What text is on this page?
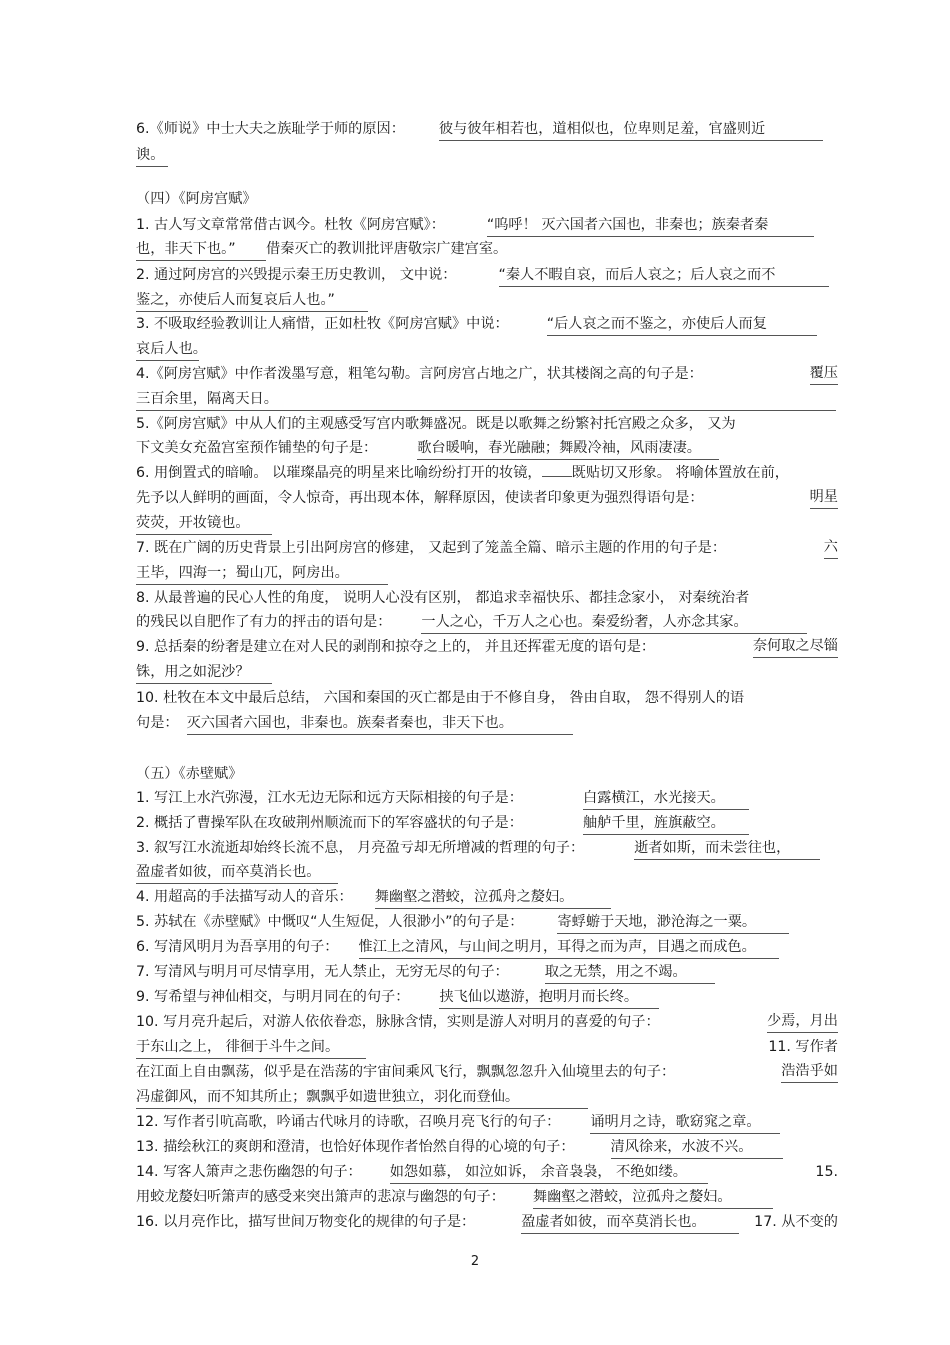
6.《师说》中士大夫之族耻学于师的原因： 彼与彼年相若也，道相似也，位卑则足羞，官盛则近
谀。
（四）《阿房宫赋》
1. 古人写文章常常借古讽今。杜牧《阿房宫赋》：	“呜呼！ 灭六国者六国也，非秦也；族秦者秦
也，非天下也。” 借秦灭亡的教训批评唐敬宗广建宫室。
2. 通过阿房宫的兴毁提示秦王历史教训， 文中说：	“秦人不暇自哀，而后人哀之；后人哀之而不
鉴之，亦使后人而复哀后人也。”
3. 不吸取经验教训让人痛惜，正如杜牧《阿房宫赋》中说：	“后人哀之而不鉴之，亦使后人而复
哀后人也。
4.《阿房宫赋》中作者泼墨写意，粗笔勾勒。言阿房宫占地之广，状其楼阁之高的句子是：	覆压
三百余里，隔离天日。
5.《阿房宫赋》中从人们的主观感受写宫内歌舞盛况。既是以歌舞之纷繁衬托宫殿之众多， 又为
下文美女充盈宫室预作铺垫的句子是：	歌台暖响，春光融融；舞殿冷袖，风雨凄凄。
6. 用倒置式的暗喻。 以璀璨晶亮的明星来比喻纷纷打开的妆镜， 既贴切又形象。 将喻体置放在前，
先予以人鲜明的画面，令人惊奇，再出现本体，解释原因，使读者印象更为强烈得语句是：	明星
荧荧，开妆镜也。
7. 既在广阔的历史背景上引出阿房宫的修建， 又起到了笼盖全篇、暗示主题的作用的句子是：	六
王毕，四海一；蜀山兀，阿房出。
8. 从最普遍的民心人性的角度， 说明人心没有区别， 都追求幸福快乐、都挂念家小， 对秦统治者
的残民以自肥作了有力的抨击的语句是： 一人之心，千万人之心也。秦爱纷奢，人亦念其家。
9. 总括秦的纷奢是建立在对人民的剥削和掠夺之上的， 并且还挥霍无度的语句是：	奈何取之尽锱
铢，用之如泥沙？
10. 杜牧在本文中最后总结， 六国和秦国的灭亡都是由于不修自身， 咎由自取， 怨不得别人的语
句是： 灭六国者六国也，非秦也。族秦者秦也，非天下也。
（五）《赤壁赋》
1. 写江上水汽弥漫，江水无边无际和远方天际相接的句子是：	白露横江，水光接天。
2. 概括了曹操军队在攻破荆州顺流而下的军容盛状的句子是：	舳舻千里，旌旗蔽空。
3. 叙写江水流逝却始终长流不息， 月亮盈亏却无所增减的哲理的句子：	逝者如斯，而未尝往也，
盈虚者如彼，而卒莫消长也。
4. 用超高的手法描写动人的音乐： 舞幽壑之潜蛟，泣孤舟之嫠妇。
5. 苏轼在《赤壁赋》中慨叹“人生短促，人很渺小”的句子是： 寄蜉蝣于天地，渺沧海之一粟。
6. 写清风明月为吾享用的句子： 惟江上之清风，与山间之明月，耳得之而为声，目遇之而成色。
7. 写清风与明月可尽情享用，无人禁止，无穷无尽的句子：	取之无禁，用之不竭。
9. 写希望与神仙相交，与明月同在的句子： 挟飞仙以遨游，抱明月而长终。
10. 写月亮升起后，对游人依依眷恋，脉脉含情，实则是游人对明月的喜爱的句子：	少焉，月出
于东山之上， 徘徊于斗牛之间。	11. 写作者
在江面上自由飘荡，似乎是在浩荡的宇宙间乘风飞行，飘飘忽忽升入仙境里去的句子：	浩浩乎如
冯虚御风，而不知其所止；飘飘乎如遗世独立，羽化而登仙。
12. 写作者引吭高歌，吟诵古代咏月的诗歌，召唤月亮飞行的句子： 诵明月之诗，歌窈窕之章。
13. 描绘秋江的爽朗和澄清，也恰好体现作者怡然自得的心境的句子：	清风徐来，水波不兴。
14. 写客人箫声之悲伤幽怨的句子： 如怨如慕， 如泣如诉， 余音袅袅， 不绝如缕。	15.
用蛟龙嫠妇听箫声的感受来突出箫声的悲凉与幽怨的句子： 舞幽壑之潜蛟，泣孤舟之嫠妇。
16. 以月亮作比，描写世间万物变化的规律的句子是：	盈虚者如彼，而卒莫消长也。	17. 从不变的
2
